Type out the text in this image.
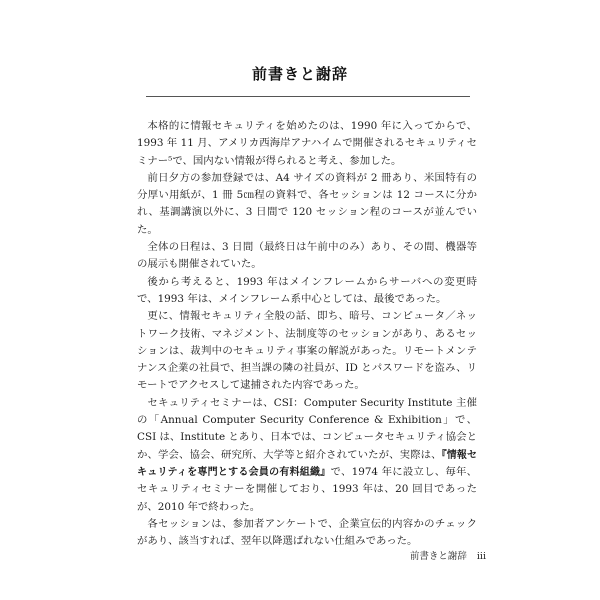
前書きと謝辞

本格的に情報セキュリティを始めたのは、1990 年に入ってからで、1993 年 11 月、アメリカ西海岸アナハイムで開催されるセキュリティセミナー⁵で、国内ない情報が得られると考え、参加した。

前日夕方の参加登録では、A4 サイズの資料が 2 冊あり、米国特有の分厚い用紙が、1 冊 5㎝程の資料で、各セッションは 12 コースに分かれ、基調講演以外に、3 日間で 120 セッション程のコースが並んでいた。

全体の日程は、3 日間（最終日は午前中のみ）あり、その間、機器等の展示も開催されていた。

後から考えると、1993 年はメインフレームからサーバへの変更時で、1993 年は、メインフレーム系中心としては、最後であった。

更に、情報セキュリティ全般の話、即ち、暗号、コンピュータ／ネットワーク技術、マネジメント、法制度等のセッションがあり、あるセッションは、裁判中のセキュリティ事案の解説があった。リモートメンテナンス企業の社員で、担当課の隣の社員が、ID とパスワードを盗み、リモートでアクセスして逮捕された内容であった。

セキュリティセミナーは、CSI：Computer Security Institute 主催の「Annual Computer Security Conference & Exhibition」で、CSI は、Institute とあり、日本では、コンピュータセキュリティ協会とか、学会、協会、研究所、大学等と紹介されていたが、実際は、『情報セキュリティを専門とする会員の有料組織』で、1974 年に設立し、毎年、セキュリティセミナーを開催しており、1993 年は、20 回目であったが、2010 年で終わった。

各セッションは、参加者アンケートで、企業宣伝的内容かのチェックがあり、該当すれば、翌年以降選ばれない仕組みであった。

前書きと謝辞 iii
